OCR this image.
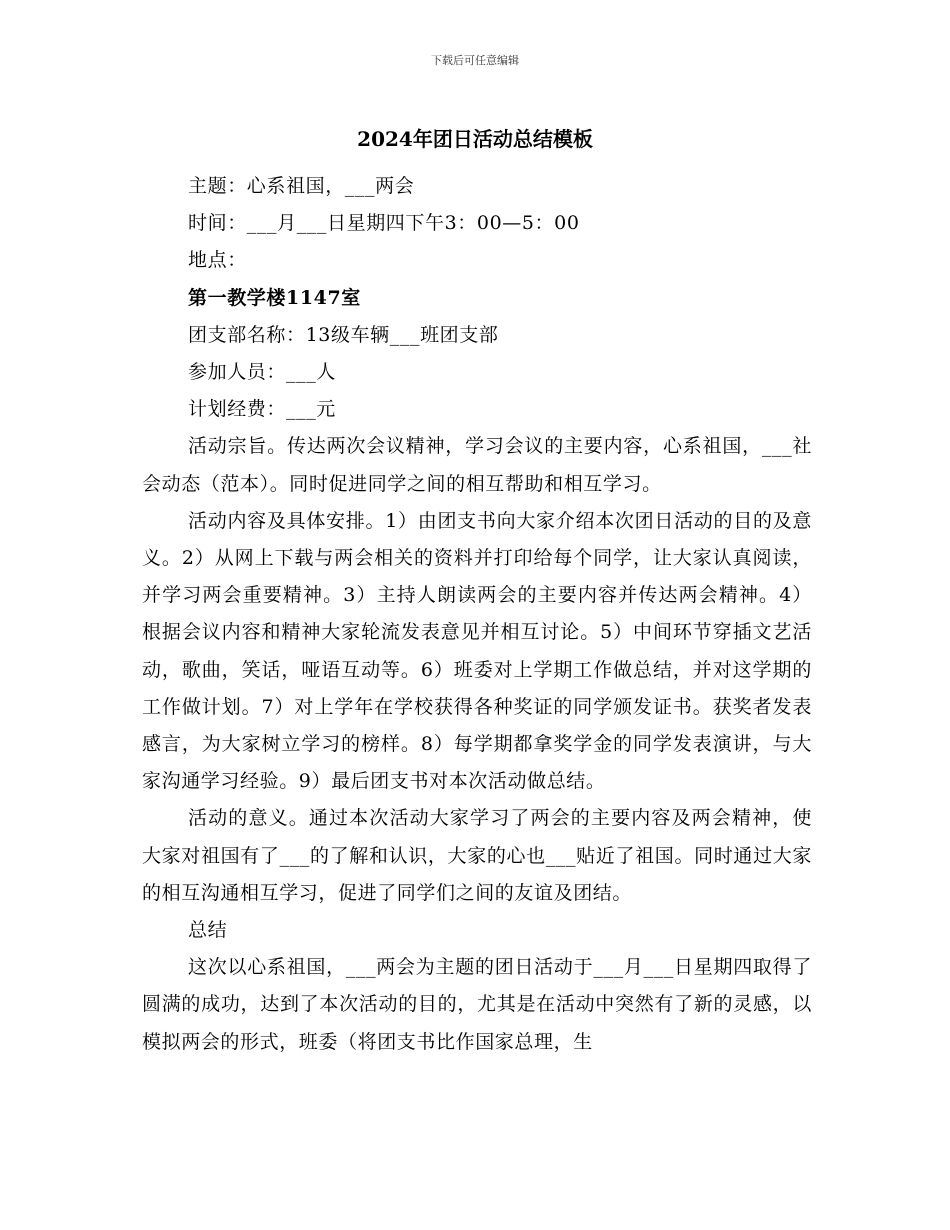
下载后可任意编辑
2024年团日活动总结模板

主题：心系祖国，___两会

时间：___月___日星期四下午3：00—5：00

地点：

第一教学楼1147室

团支部名称：13级车辆___班团支部

参加人员：___人

计划经费：___元

活动宗旨。传达两次会议精神，学习会议的主要内容，心系祖国，___社会动态（范本）。同时促进同学之间的相互帮助和相互学习。

活动内容及具体安排。1）由团支书向大家介绍本次团日活动的目的及意义。2）从网上下载与两会相关的资料并打印给每个同学，让大家认真阅读，并学习两会重要精神。3）主持人朗读两会的主要内容并传达两会精神。4）根据会议内容和精神大家轮流发表意见并相互讨论。5）中间环节穿插文艺活动，歌曲，笑话，哑语互动等。6）班委对上学期工作做总结，并对这学期的工作做计划。7）对上学年在学校获得各种奖证的同学颁发证书。获奖者发表感言，为大家树立学习的榜样。8）每学期都拿奖学金的同学发表演讲，与大家沟通学习经验。9）最后团支书对本次活动做总结。

活动的意义。通过本次活动大家学习了两会的主要内容及两会精神，使大家对祖国有了___的了解和认识，大家的心也___贴近了祖国。同时通过大家的相互沟通相互学习，促进了同学们之间的友谊及团结。

总结

这次以心系祖国，___两会为主题的团日活动于___月___日星期四取得了圆满的成功，达到了本次活动的目的，尤其是在活动中突然有了新的灵感，以模拟两会的形式，班委（将团支书比作国家总理，生
